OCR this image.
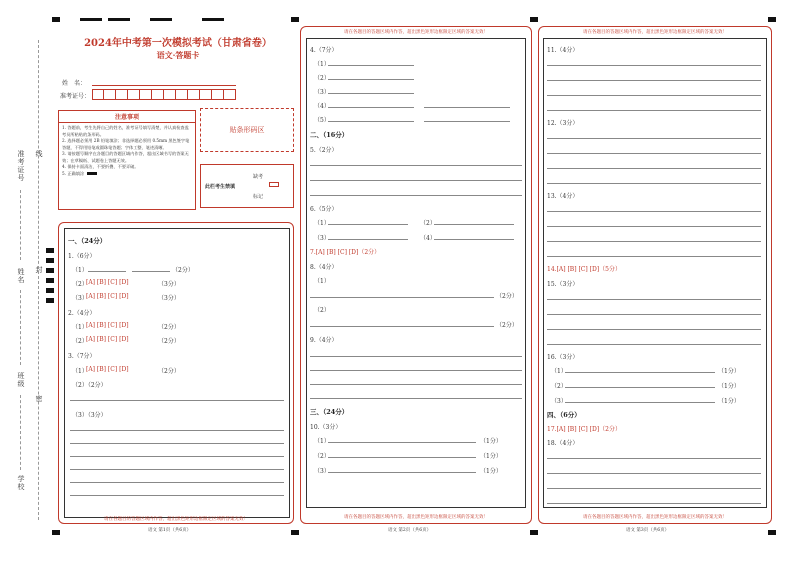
准考证号 线
姓名 封
班级
密
学校
2024年中考第一次模拟考试（甘肃省卷）
语文·答题卡
姓　名：
准考证号：
注意事项
1. 答题前，考生先将自己的姓名，准考证号填写清楚，并认真检查监考员所粘贴的条形码。
2. 选择题必须用 2B 铅笔填涂；非选择题必须用 0.5mm 黑色签字笔答题，不得用铅笔或圆珠笔答题；字体工整、笔迹清晰。
3. 请按题号顺序在各题目的答题区域内作答，超出区域书写的答案无效；在草稿纸、试题卷上答题无效。
4. 保持卡面清洁，不要折叠、不要弄破。
5. 正确填涂
贴条形码区
此栏考生禁填
缺考
标记
一、（24分）
1.（6分）
（1）	（2分）
（2）
[A] [B] [C] [D]	（3分）
（3）
[A] [B] [C] [D]	（3分）
2.（4分）
（1）
[A] [B] [C] [D]	（2分）
（2）
[A] [B] [C] [D]	（2分）
3.（7分）
（1）
[A] [B] [C] [D]	（2分）
（2）（2分）
（3）（3分）
请在各题目的答题区域内作答，超出黑色矩形边框限定区域的答案无效！
语文 第1页（共6页）
请在各题目的答题区域内作答，超出黑色矩形边框限定区域的答案无效！
4.（7分）
（1）
（2）
（3）
（4）
（5）
二、（16分）
5.（2分）
6.（5分）
（1）	（2）
（3）	（4）
7.[A] [B] [C] [D]（2分）
8.（4分）
（1）
（2分）
（2）
（2分）
9.（4分）
三、（24分）
10.（3分）
（1）	（1分）
（2）	（1分）
（3）	（1分）
请在各题目的答题区域内作答，超出黑色矩形边框限定区域的答案无效！
语文 第2页（共6页）
请在各题目的答题区域内作答，超出黑色矩形边框限定区域的答案无效！
11.（4分）
12.（3分）
13.（4分）
14.[A] [B] [C] [D]（5分）
15.（3分）
16.（3分）
（1）	（1分）
（2）	（1分）
（3）	（1分）
四、（6分）
17.[A] [B] [C] [D]（2分）
18.（4分）
请在各题目的答题区域内作答，超出黑色矩形边框限定区域的答案无效！
语文 第3页（共6页）
